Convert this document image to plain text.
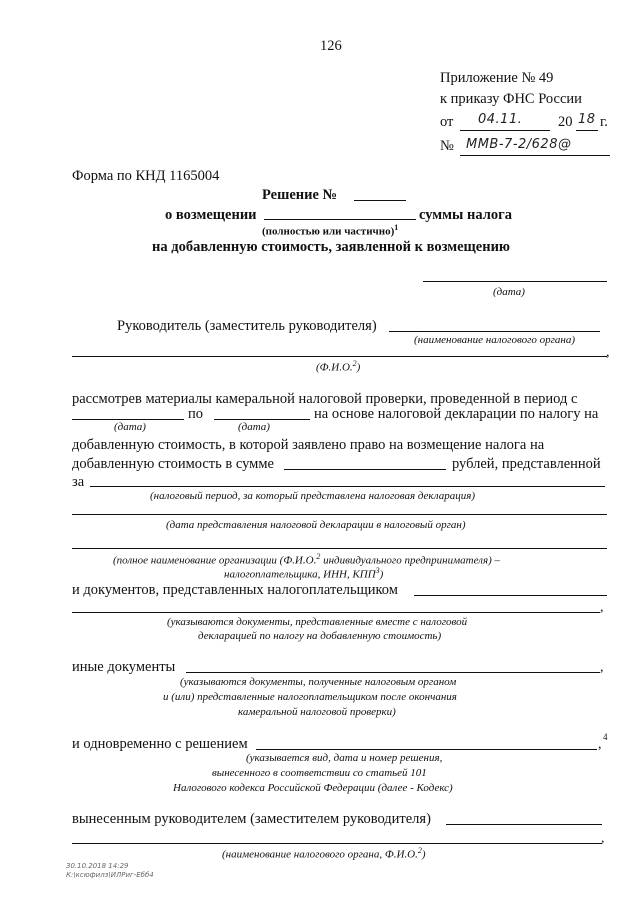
126
Приложение № 49
к приказу ФНС России
от 04.11. 20 18 г.
№ ММВ-7-2/628@
Форма по КНД 1165004
Решение №
о возмещении	суммы налога
(полностью или частично)$^1$
на добавленную стоимость, заявленной к возмещению
(дата)
Руководитель (заместитель руководителя)
(наименование налогового органа)
,
(Ф.И.О.$^2$)
рассмотрев материалы камеральной налоговой проверки, проведенной в период с
по	на основе налоговой декларации по налогу на
(дата)	(дата)
добавленную стоимость, в которой заявлено право на возмещение налога на
добавленную стоимость в сумме	рублей, представленной
за
(налоговый период, за который представлена налоговая декларация)
(дата представления налоговой декларации в налоговый орган)
(полное наименование организации (Ф.И.О.$^2$ индивидуального предпринимателя) –
налогоплательщика, ИНН, КПП$^3$)
и документов, представленных налогоплательщиком
,
(указываются документы, представленные вместе с налоговой
декларацией по налогу на добавленную стоимость)
иные документы	,
(указываются документы, полученные налоговым органом
и (или) представленные налогоплательщиком после окончания
камеральной налоговой проверки)
и одновременно с решением	, 4
(указывается вид, дата и номер решения,
вынесенного в соответствии со статьей 101
Налогового кодекса Российской Федерации (далее - Кодекс)
вынесенным руководителем (заместителем руководителя)
,
(наименование налогового органа, Ф.И.О.$^2$)
30.10.2018 14:29
К:\ксюфилз\ИЛРиг-Ебб4
